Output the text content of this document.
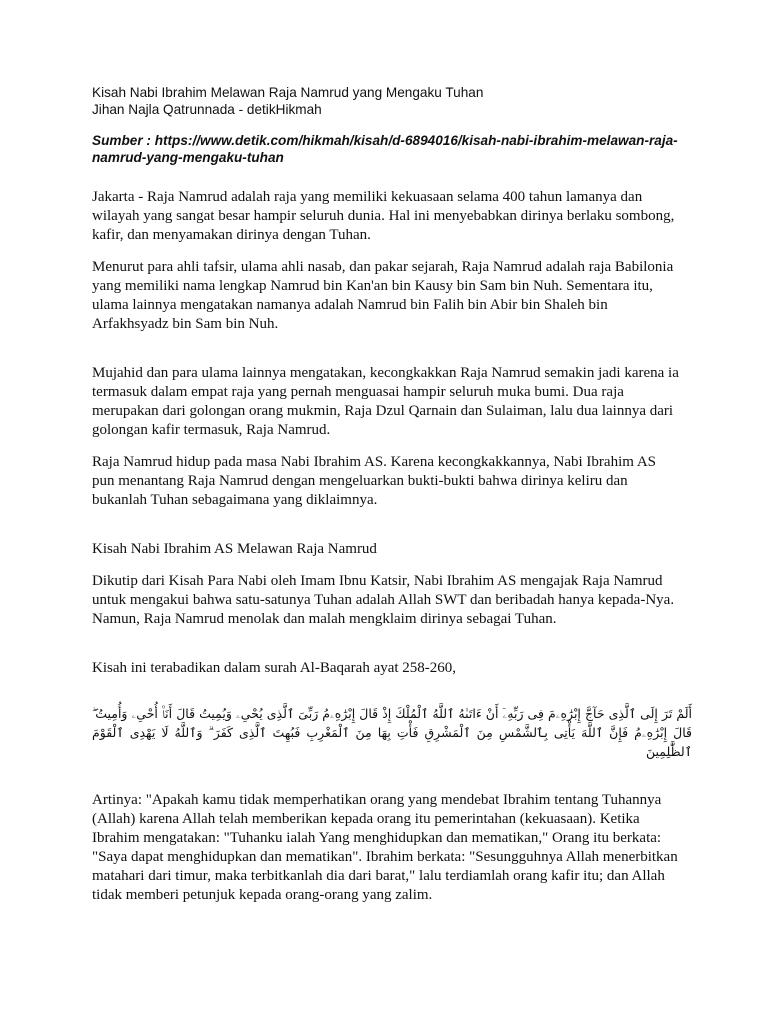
Kisah Nabi Ibrahim Melawan Raja Namrud yang Mengaku Tuhan
Jihan Najla Qatrunnada - detikHikmah
Sumber : https://www.detik.com/hikmah/kisah/d-6894016/kisah-nabi-ibrahim-melawan-raja-namrud-yang-mengaku-tuhan

Jakarta - Raja Namrud adalah raja yang memiliki kekuasaan selama 400 tahun lamanya dan wilayah yang sangat besar hampir seluruh dunia. Hal ini menyebabkan dirinya berlaku sombong, kafir, dan menyamakan dirinya dengan Tuhan.

Menurut para ahli tafsir, ulama ahli nasab, dan pakar sejarah, Raja Namrud adalah raja Babilonia yang memiliki nama lengkap Namrud bin Kan'an bin Kausy bin Sam bin Nuh. Sementara itu, ulama lainnya mengatakan namanya adalah Namrud bin Falih bin Abir bin Shaleh bin Arfakhsyadz bin Sam bin Nuh.

Mujahid dan para ulama lainnya mengatakan, kecongkakkan Raja Namrud semakin jadi karena ia termasuk dalam empat raja yang pernah menguasai hampir seluruh muka bumi. Dua raja merupakan dari golongan orang mukmin, Raja Dzul Qarnain dan Sulaiman, lalu dua lainnya dari golongan kafir termasuk, Raja Namrud.

Raja Namrud hidup pada masa Nabi Ibrahim AS. Karena kecongkakkannya, Nabi Ibrahim AS pun menantang Raja Namrud dengan mengeluarkan bukti-bukti bahwa dirinya keliru dan bukanlah Tuhan sebagaimana yang diklaimnya.

Kisah Nabi Ibrahim AS Melawan Raja Namrud

Dikutip dari Kisah Para Nabi oleh Imam Ibnu Katsir, Nabi Ibrahim AS mengajak Raja Namrud untuk mengakui bahwa satu-satunya Tuhan adalah Allah SWT dan beribadah hanya kepada-Nya. Namun, Raja Namrud menolak dan malah mengklaim dirinya sebagai Tuhan.

Kisah ini terabadikan dalam surah Al-Baqarah ayat 258-260,

أَلَمْ تَرَ إِلَى ٱلَّذِى حَآجَّ إِبْرَٰهِۦمَ فِى رَبِّهِۦٓ أَنْ ءَاتَىٰهُ ٱللَّهُ ٱلْمُلْكَ إِذْ قَالَ إِبْرَٰهِۦمُ رَبِّىَ ٱلَّذِى يُحْىِۦ وَيُمِيتُ قَالَ أَنَا۠ أُحْىِۦ وَأُمِيتُ ۖ قَالَ إِبْرَٰهِۦمُ فَإِنَّ ٱللَّهَ يَأْتِى بِٱلشَّمْسِ مِنَ ٱلْمَشْرِقِ فَأْتِ بِهَا مِنَ ٱلْمَغْرِبِ فَبُهِتَ ٱلَّذِى كَفَرَ ۗ وَٱللَّهُ لَا يَهْدِى ٱلْقَوْمَ ٱلظَّٰلِمِينَ

Artinya: "Apakah kamu tidak memperhatikan orang yang mendebat Ibrahim tentang Tuhannya (Allah) karena Allah telah memberikan kepada orang itu pemerintahan (kekuasaan). Ketika Ibrahim mengatakan: "Tuhanku ialah Yang menghidupkan dan mematikan," Orang itu berkata: "Saya dapat menghidupkan dan mematikan". Ibrahim berkata: "Sesungguhnya Allah menerbitkan matahari dari timur, maka terbitkanlah dia dari barat," lalu terdiamlah orang kafir itu; dan Allah tidak memberi petunjuk kepada orang-orang yang zalim.
